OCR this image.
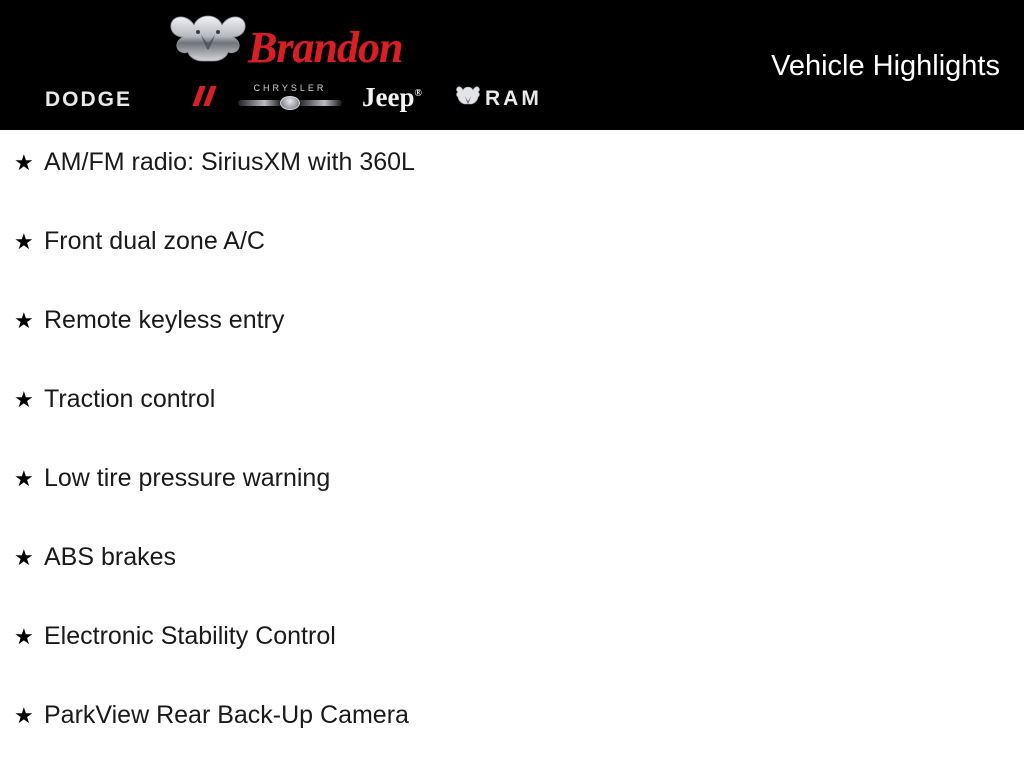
Brandon
DODGE	CHRYSLER	Jeep®	RAM
Vehicle Highlights
★ AM/FM radio: SiriusXM with 360L
★ Front dual zone A/C
★ Remote keyless entry
★ Traction control
★ Low tire pressure warning
★ ABS brakes
★ Electronic Stability Control
★ ParkView Rear Back-Up Camera
